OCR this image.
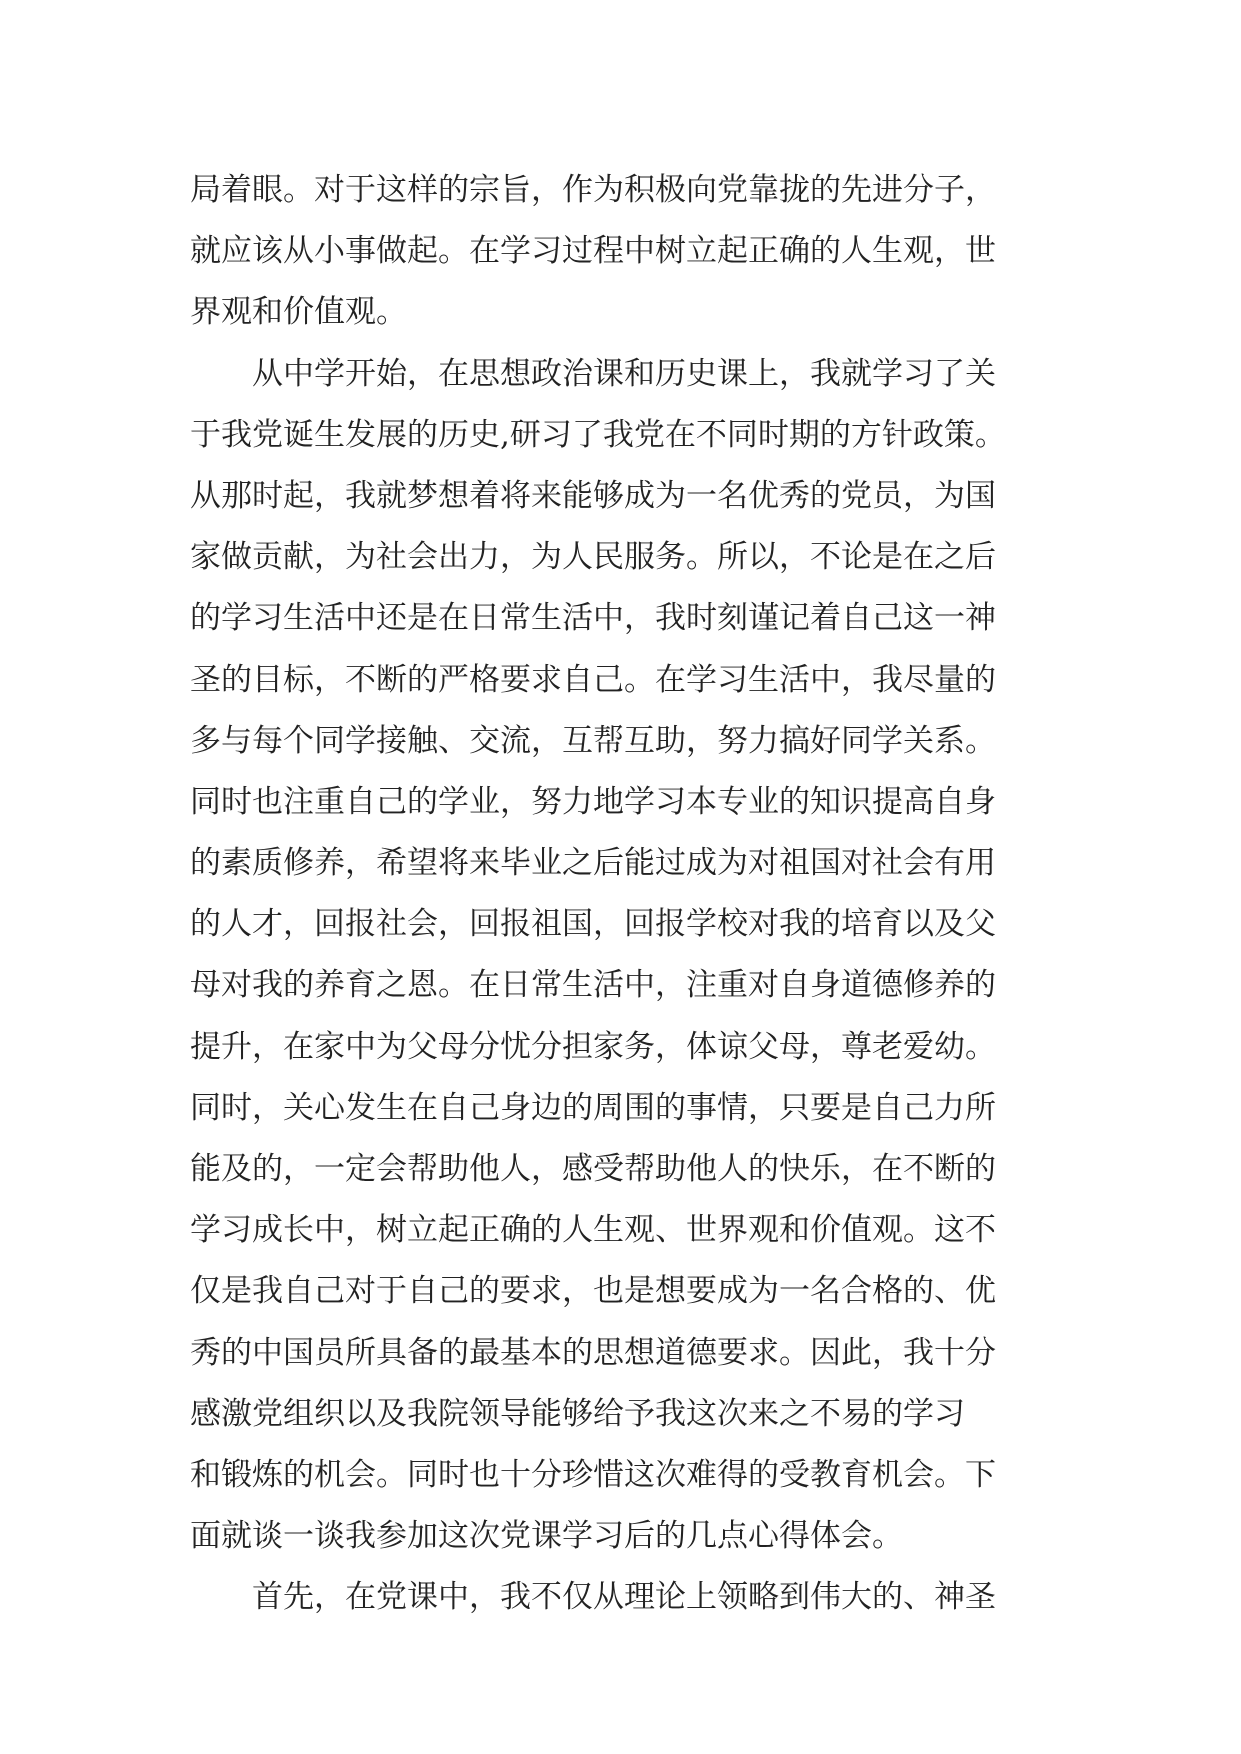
局着眼。对于这样的宗旨，作为积极向党靠拢的先进分子，
就应该从小事做起。在学习过程中树立起正确的人生观，世
界观和价值观。
从中学开始，在思想政治课和历史课上，我就学习了关
于我党诞生发展的历史,研习了我党在不同时期的方针政策。
从那时起，我就梦想着将来能够成为一名优秀的党员，为国
家做贡献，为社会出力，为人民服务。所以，不论是在之后
的学习生活中还是在日常生活中，我时刻谨记着自己这一神
圣的目标，不断的严格要求自己。在学习生活中，我尽量的
多与每个同学接触、交流，互帮互助，努力搞好同学关系。
同时也注重自己的学业，努力地学习本专业的知识提高自身
的素质修养，希望将来毕业之后能过成为对祖国对社会有用
的人才，回报社会，回报祖国，回报学校对我的培育以及父
母对我的养育之恩。在日常生活中，注重对自身道德修养的
提升，在家中为父母分忧分担家务，体谅父母，尊老爱幼。
同时，关心发生在自己身边的周围的事情，只要是自己力所
能及的，一定会帮助他人，感受帮助他人的快乐，在不断的
学习成长中，树立起正确的人生观、世界观和价值观。这不
仅是我自己对于自己的要求，也是想要成为一名合格的、优
秀的中国员所具备的最基本的思想道德要求。因此，我十分
感激党组织以及我院领导能够给予我这次来之不易的学习
和锻炼的机会。同时也十分珍惜这次难得的受教育机会。下
面就谈一谈我参加这次党课学习后的几点心得体会。
首先，在党课中，我不仅从理论上领略到伟大的、神圣
